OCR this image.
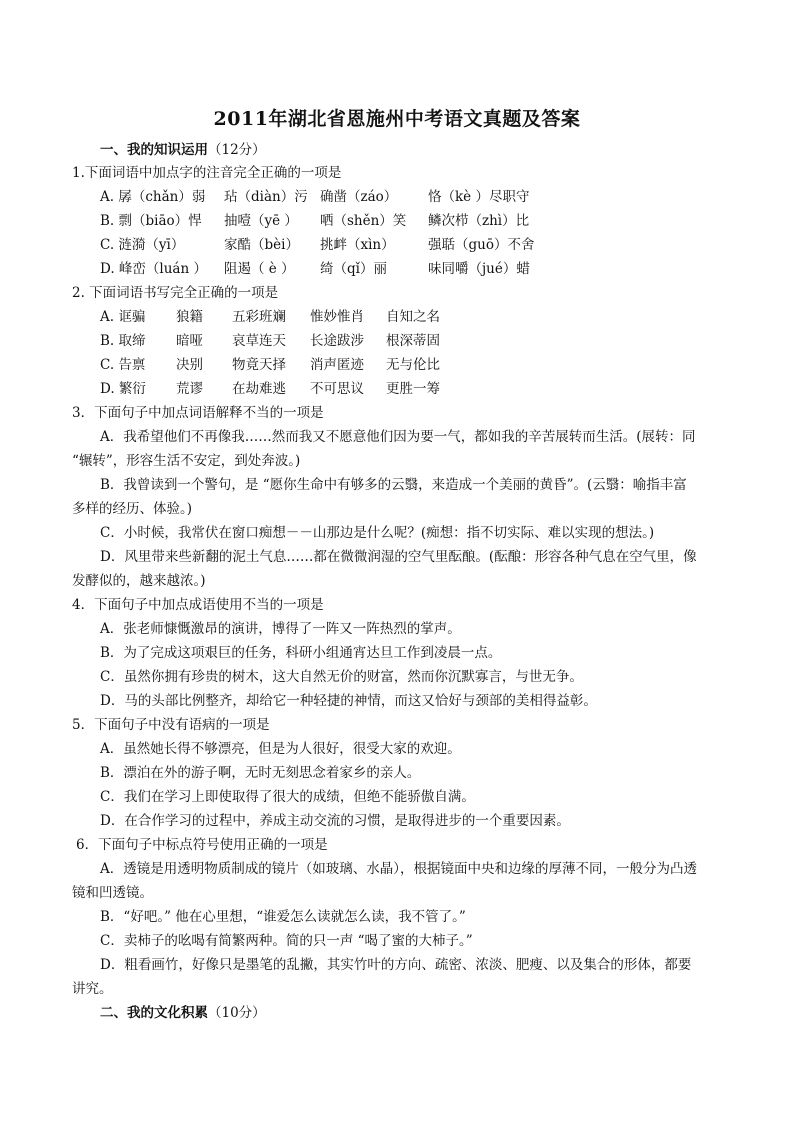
2011年湖北省恩施州中考语文真题及答案
一、我的知识运用（12分）
1.下面词语中加点字的注音完全正确的一项是
A. 孱（chǎn）弱 玷（diàn）污 确凿（záo） 恪（kè ）尽职守
B. 剽（biāo）悍 抽噎（yē ） 哂（shěn）笑 鳞次栉（zhì）比
C. 涟漪（yī）	家酷（bèi） 挑衅（xìn） 强聒（guō）不舍
D. 峰峦（luán ） 阻遏（ è ） 绮（qǐ）丽	味同嚼（jué）蜡
2. 下面词语书写完全正确的一项是
A. 诓骗 狼籍 五彩班斓 惟妙惟肖 自知之名
B. 取缔 暗哑 哀草连天 长途跋涉 根深蒂固
C. 告禀 决别 物竟天择 消声匿迹 无与伦比
D. 繁衍 荒谬 在劫难逃 不可思议 更胜一筹
3．下面句子中加点词语解释不当的一项是
A．我希望他们不再像我……然而我又不愿意他们因为要一气，都如我的辛苦展转而生活。(展转：同
“辗转”，形容生活不安定，到处奔波。)
B．我曾读到一个警句，是 “愿你生命中有够多的云翳，来造成一个美丽的黄昏”。(云翳：喻指丰富
多样的经历、体验。)
C．小时候，我常伏在窗口痴想－－山那边是什么呢？(痴想：指不切实际、难以实现的想法。)
D．风里带来些新翻的泥土气息……都在微微润湿的空气里酝酿。(酝酿：形容各种气息在空气里，像
发酵似的，越来越浓。)
4．下面句子中加点成语使用不当的一项是
A．张老师慷慨激昂的演讲，博得了一阵又一阵热烈的掌声。
B．为了完成这项艰巨的任务，科研小组通宵达旦工作到凌晨一点。
C．虽然你拥有珍贵的树木，这大自然无价的财富，然而你沉默寡言，与世无争。
D．马的头部比例整齐，却给它一种轻捷的神情，而这又恰好与颈部的美相得益彰。
5．下面句子中没有语病的一项是
A．虽然她长得不够漂亮，但是为人很好，很受大家的欢迎。
B．漂泊在外的游子啊，无时无刻思念着家乡的亲人。
C．我们在学习上即使取得了很大的成绩，但绝不能骄傲自满。
D．在合作学习的过程中，养成主动交流的习惯，是取得进步的一个重要因素。
6．下面句子中标点符号使用正确的一项是
A．透镜是用透明物质制成的镜片（如玻璃、水晶），根据镜面中央和边缘的厚薄不同，一般分为凸透
镜和凹透镜。
B．“好吧。” 他在心里想，“谁爱怎么读就怎么读，我不管了。”
C．卖柿子的吆喝有简繁两种。简的只一声 “喝了蜜的大柿子。”
D．粗看画竹，好像只是墨笔的乱撇，其实竹叶的方向、疏密、浓淡、肥瘦、以及集合的形体，都要
讲究。
二、我的文化积累（10分）
